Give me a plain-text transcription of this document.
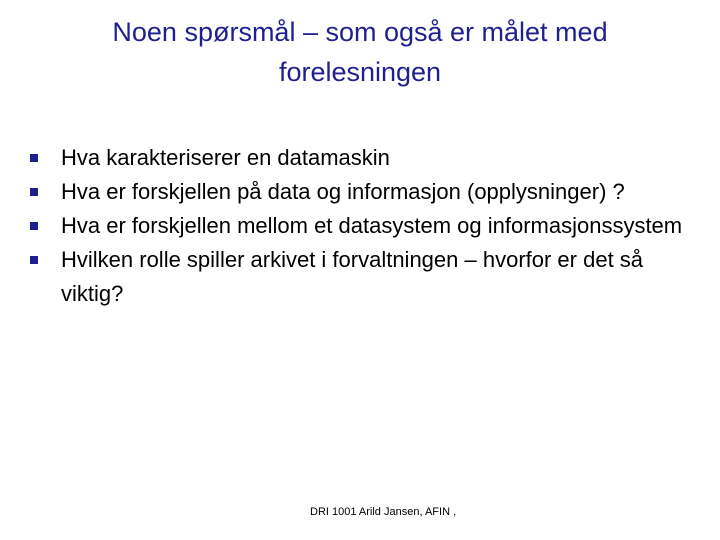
Noen spørsmål – som også er målet med forelesningen
Hva karakteriserer en datamaskin
Hva er forskjellen på data og informasjon (opplysninger) ?
Hva er forskjellen mellom et datasystem og informasjonssystem
Hvilken rolle spiller arkivet i forvaltningen – hvorfor er det så viktig?
DRI 1001 Arild Jansen, AFIN ,
